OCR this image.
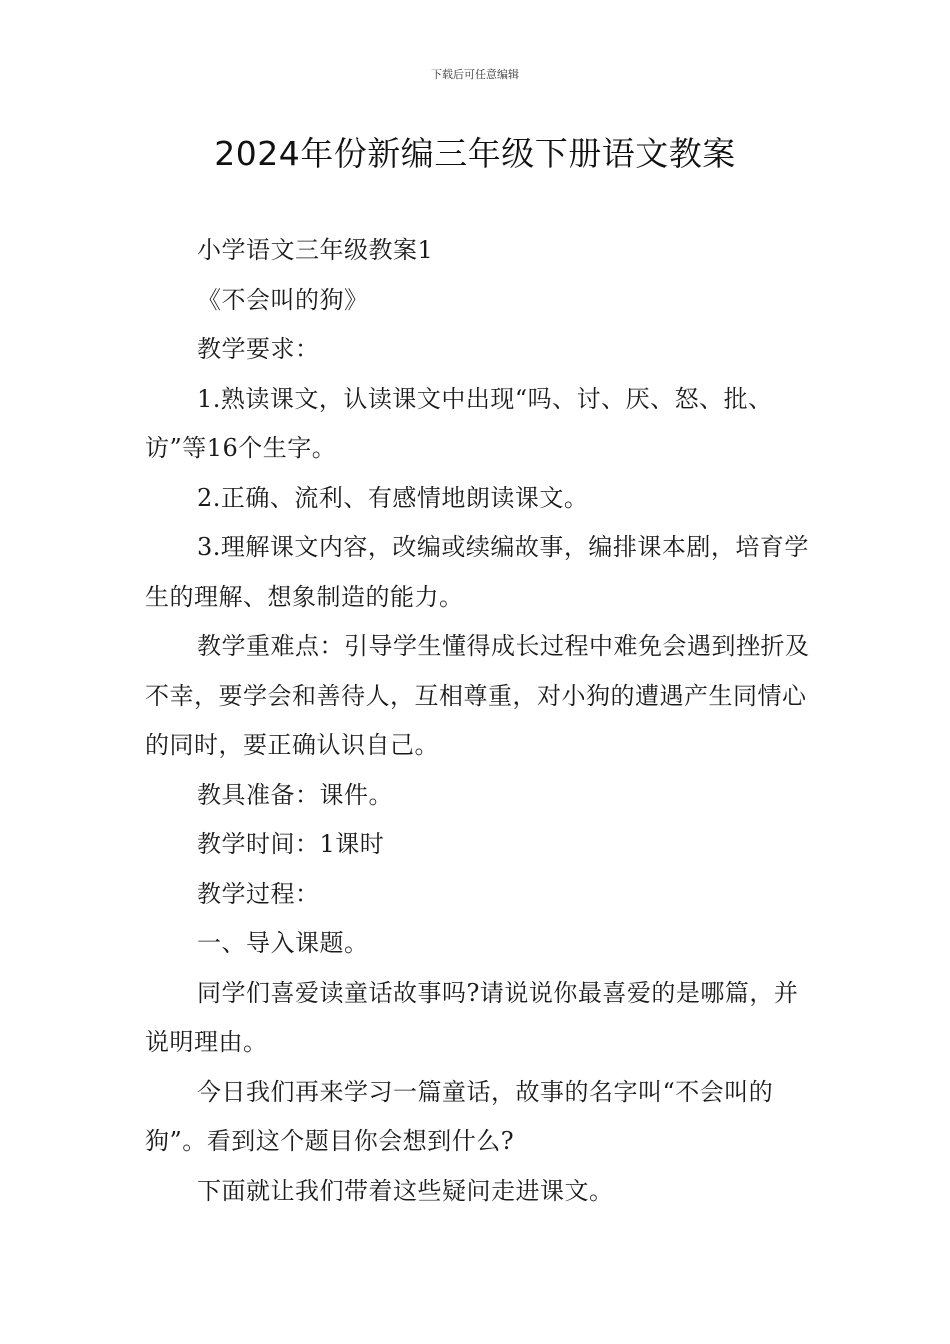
下载后可任意编辑
2024年份新编三年级下册语文教案

小学语文三年级教案1

《不会叫的狗》

教学要求：

1.熟读课文，认读课文中出现“吗、讨、厌、怒、批、访”等16个生字。

2.正确、流利、有感情地朗读课文。

3.理解课文内容，改编或续编故事，编排课本剧，培育学生的理解、想象制造的能力。

教学重难点：引导学生懂得成长过程中难免会遇到挫折及不幸，要学会和善待人，互相尊重，对小狗的遭遇产生同情心的同时，要正确认识自己。

教具准备：课件。

教学时间：1课时

教学过程：

一、导入课题。

同学们喜爱读童话故事吗?请说说你最喜爱的是哪篇，并说明理由。

今日我们再来学习一篇童话，故事的名字叫“不会叫的狗”。看到这个题目你会想到什么?

下面就让我们带着这些疑问走进课文。
